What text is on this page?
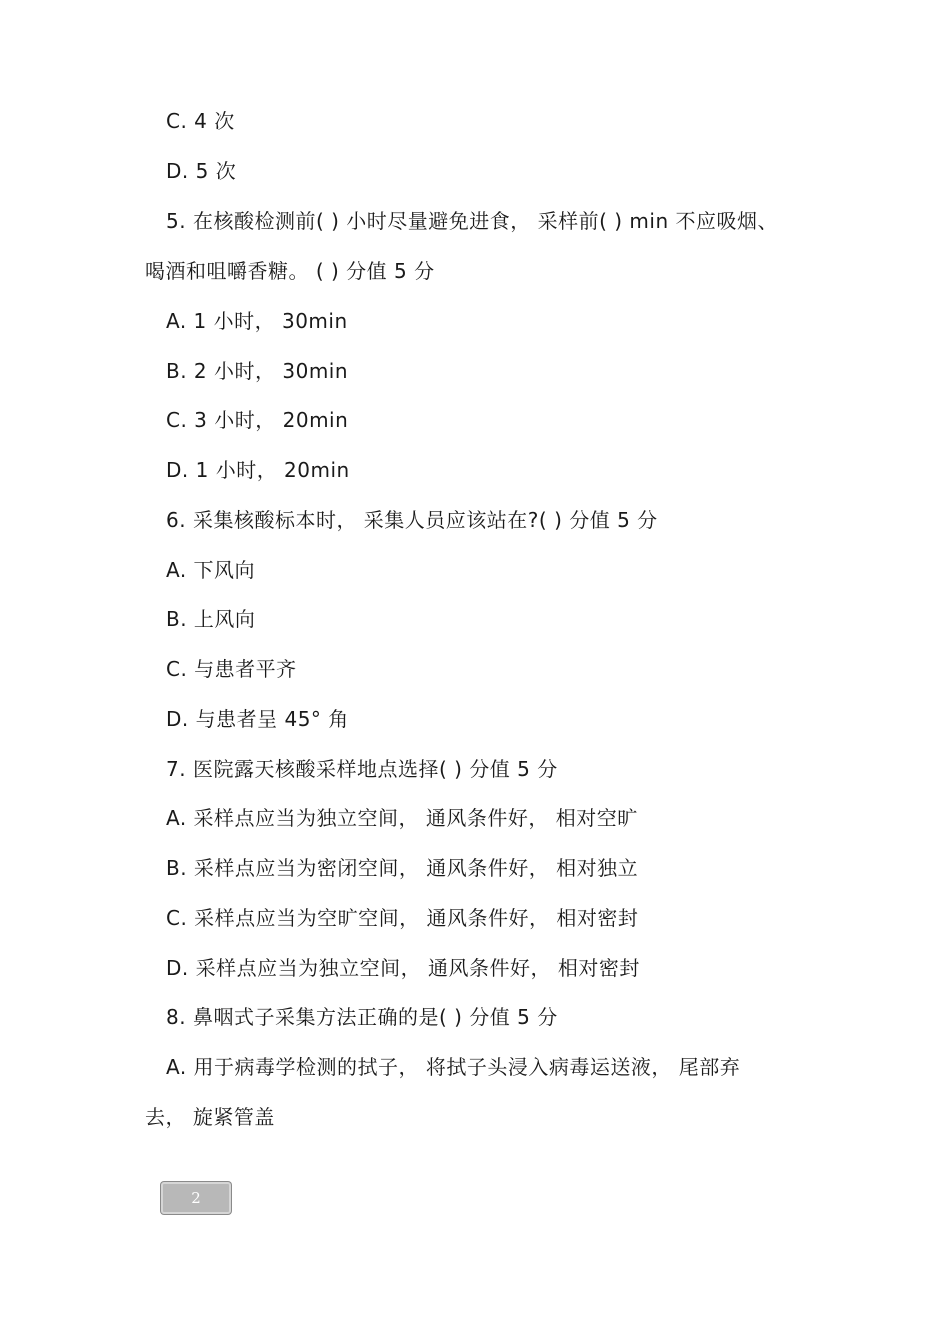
C. 4 次
D. 5 次
5. 在核酸检测前( ) 小时尽量避免进食， 采样前( ) min 不应吸烟、
喝酒和咀嚼香糖。 ( ) 分值 5 分
A. 1 小时， 30min
B. 2 小时， 30min
C. 3 小时， 20min
D. 1 小时， 20min
6. 采集核酸标本时， 采集人员应该站在?( ) 分值 5 分
A. 下风向
B. 上风向
C. 与患者平齐
D. 与患者呈 45° 角
7. 医院露天核酸采样地点选择( ) 分值 5 分
A. 采样点应当为独立空间， 通风条件好， 相对空旷
B. 采样点应当为密闭空间， 通风条件好， 相对独立
C. 采样点应当为空旷空间， 通风条件好， 相对密封
D. 采样点应当为独立空间， 通风条件好， 相对密封
8. 鼻咽式子采集方法正确的是( ) 分值 5 分
A. 用于病毒学检测的拭子， 将拭子头浸入病毒运送液， 尾部弃
去， 旋紧管盖
2
